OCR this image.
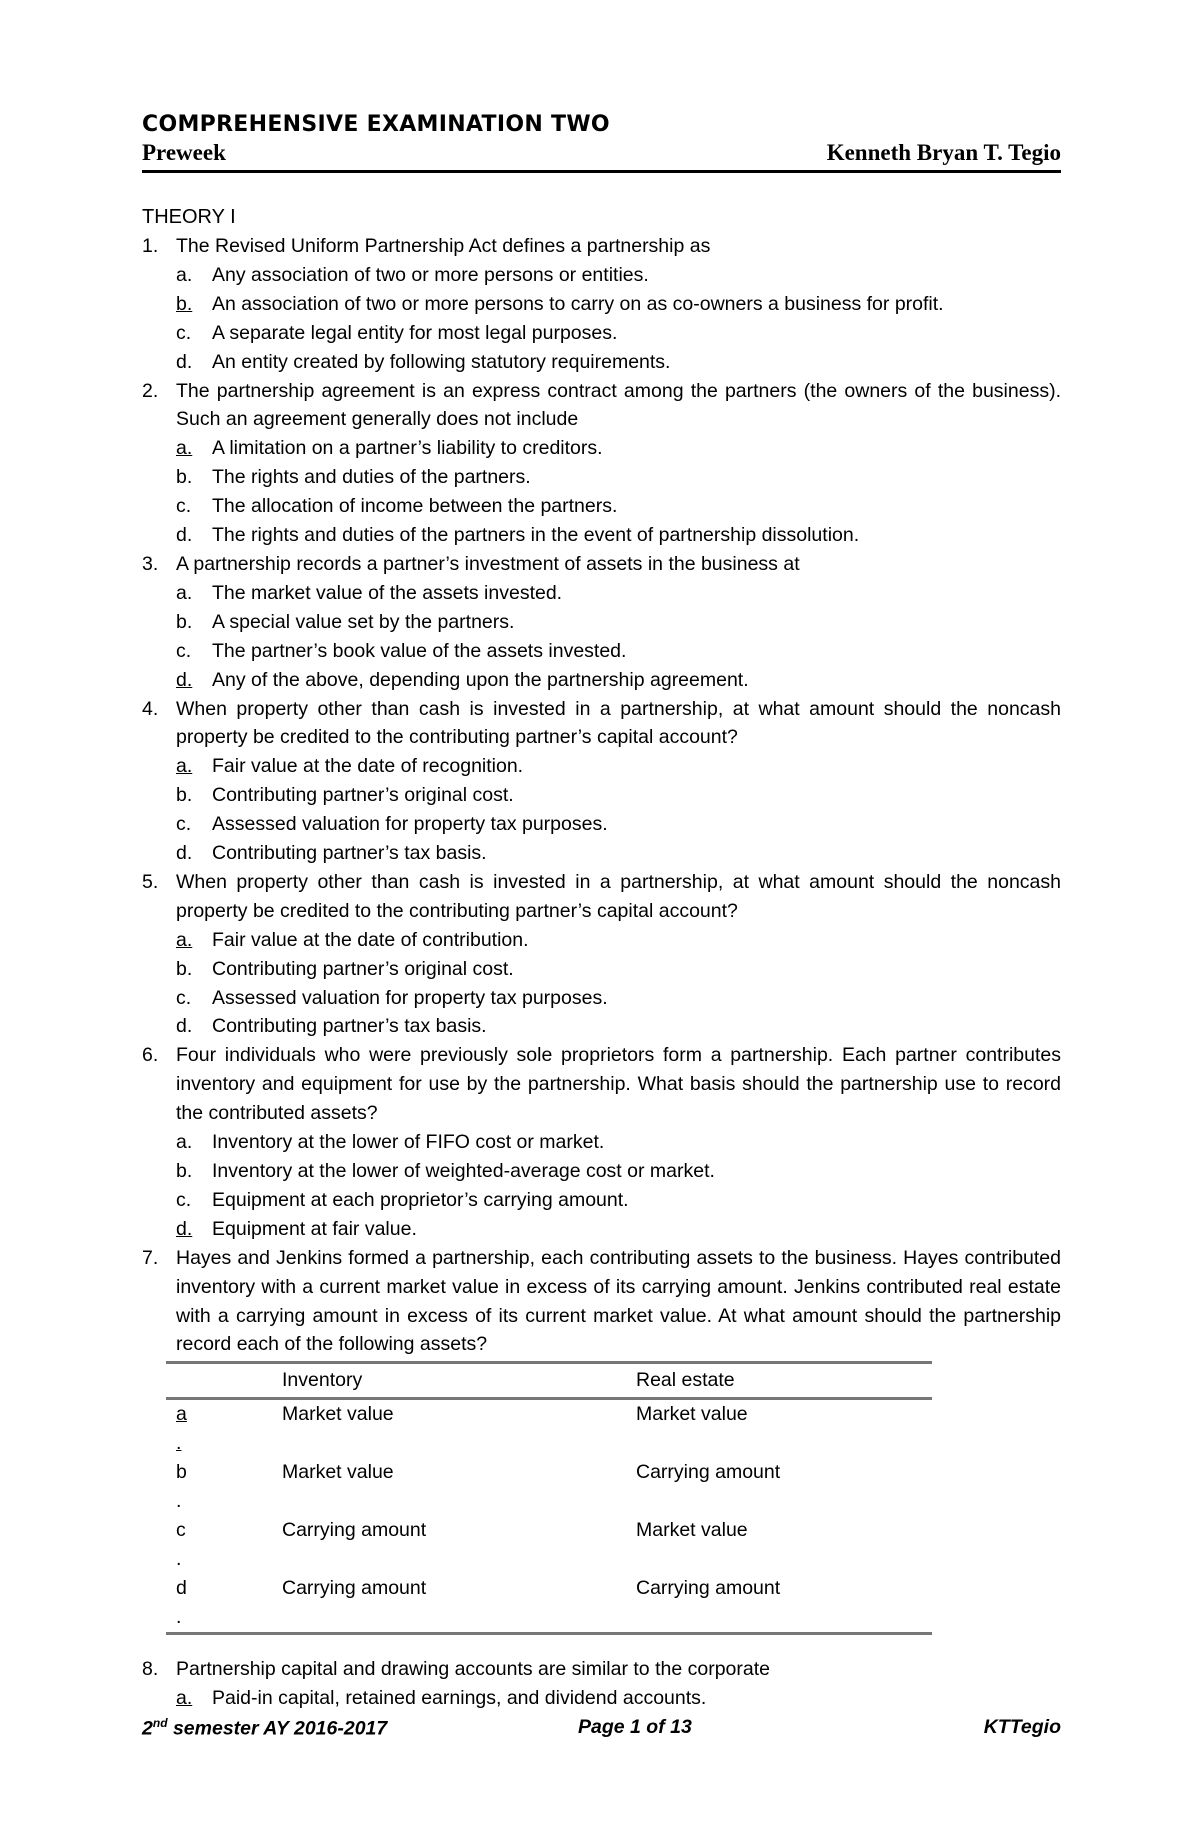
COMPREHENSIVE EXAMINATION TWO
Preweek	Kenneth Bryan T. Tegio
THEORY I
1. The Revised Uniform Partnership Act defines a partnership as
a. Any association of two or more persons or entities.
b. An association of two or more persons to carry on as co-owners a business for profit.
c. A separate legal entity for most legal purposes.
d. An entity created by following statutory requirements.
2. The partnership agreement is an express contract among the partners (the owners of the business). Such an agreement generally does not include
a. A limitation on a partner’s liability to creditors.
b. The rights and duties of the partners.
c. The allocation of income between the partners.
d. The rights and duties of the partners in the event of partnership dissolution.
3. A partnership records a partner’s investment of assets in the business at
a. The market value of the assets invested.
b. A special value set by the partners.
c. The partner’s book value of the assets invested.
d. Any of the above, depending upon the partnership agreement.
4. When property other than cash is invested in a partnership, at what amount should the noncash property be credited to the contributing partner’s capital account?
a. Fair value at the date of recognition.
b. Contributing partner’s original cost.
c. Assessed valuation for property tax purposes.
d. Contributing partner’s tax basis.
5. When property other than cash is invested in a partnership, at what amount should the noncash property be credited to the contributing partner’s capital account?
a. Fair value at the date of contribution.
b. Contributing partner’s original cost.
c. Assessed valuation for property tax purposes.
d. Contributing partner’s tax basis.
6. Four individuals who were previously sole proprietors form a partnership. Each partner contributes inventory and equipment for use by the partnership. What basis should the partnership use to record the contributed assets?
a. Inventory at the lower of FIFO cost or market.
b. Inventory at the lower of weighted-average cost or market.
c. Equipment at each proprietor’s carrying amount.
d. Equipment at fair value.
7. Hayes and Jenkins formed a partnership, each contributing assets to the business. Hayes contributed inventory with a current market value in excess of its carrying amount. Jenkins contributed real estate with a carrying amount in excess of its current market value. At what amount should the partnership record each of the following assets?
	Inventory	Real estate

a.	Market value	Market value

b.	Market value	Carrying amount

c.	Carrying amount	Market value

d.	Carrying amount	Carrying amount
8. Partnership capital and drawing accounts are similar to the corporate
a. Paid-in capital, retained earnings, and dividend accounts.
2nd semester AY 2016-2017	Page 1 of 13	KTTegio
